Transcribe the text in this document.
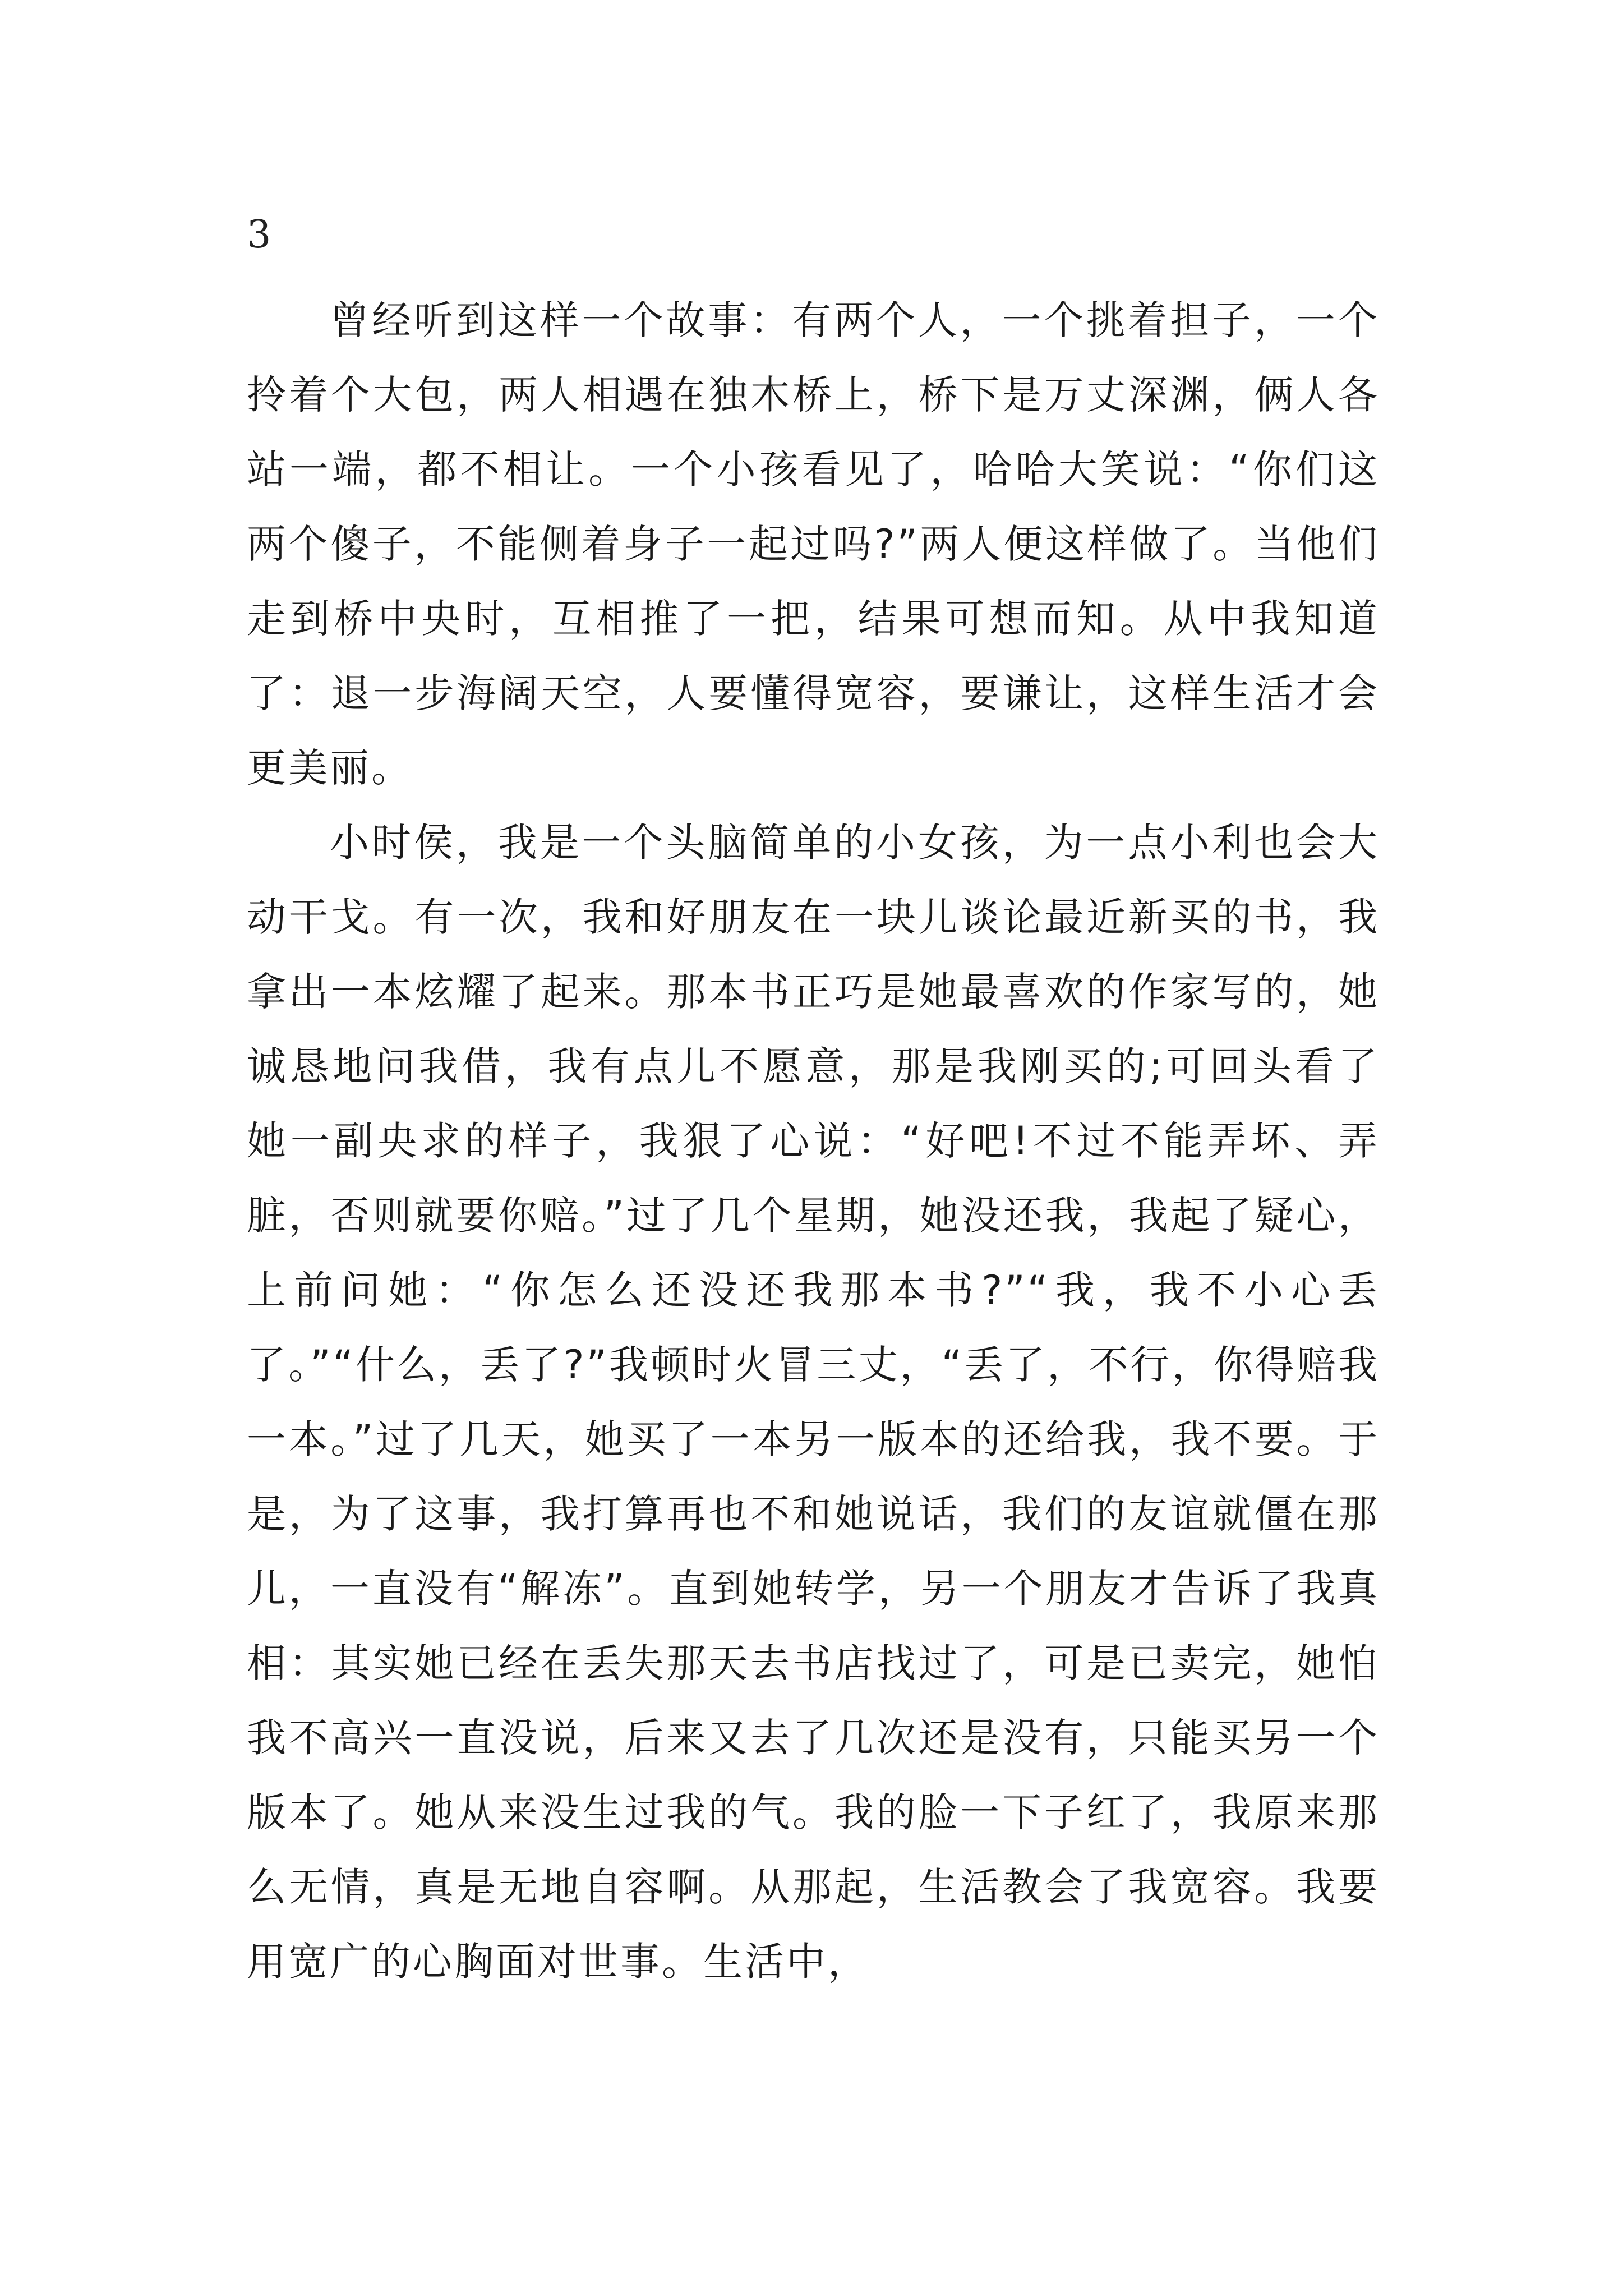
3

曾经听到这样一个故事：有两个人，一个挑着担子，一个拎着个大包，两人相遇在独木桥上，桥下是万丈深渊，俩人各站一端，都不相让。一个小孩看见了，哈哈大笑说：“你们这两个傻子，不能侧着身子一起过吗?”两人便这样做了。当他们走到桥中央时，互相推了一把，结果可想而知。从中我知道了：退一步海阔天空，人要懂得宽容，要谦让，这样生活才会更美丽。

小时侯，我是一个头脑简单的小女孩，为一点小利也会大动干戈。有一次，我和好朋友在一块儿谈论最近新买的书，我拿出一本炫耀了起来。那本书正巧是她最喜欢的作家写的，她诚恳地问我借，我有点儿不愿意，那是我刚买的;可回头看了她一副央求的样子，我狠了心说：“好吧!不过不能弄坏、弄脏，否则就要你赔。”过了几个星期，她没还我，我起了疑心，上前问她：“你怎么还没还我那本书?”“我，我不小心丢了。”“什么，丢了?”我顿时火冒三丈，“丢了，不行，你得赔我一本。”过了几天，她买了一本另一版本的还给我，我不要。于是，为了这事，我打算再也不和她说话，我们的友谊就僵在那儿，一直没有“解冻”。直到她转学，另一个朋友才告诉了我真相：其实她已经在丢失那天去书店找过了，可是已卖完，她怕我不高兴一直没说，后来又去了几次还是没有，只能买另一个版本了。她从来没生过我的气。我的脸一下子红了，我原来那么无情，真是无地自容啊。从那起，生活教会了我宽容。我要用宽广的心胸面对世事。生活中，
